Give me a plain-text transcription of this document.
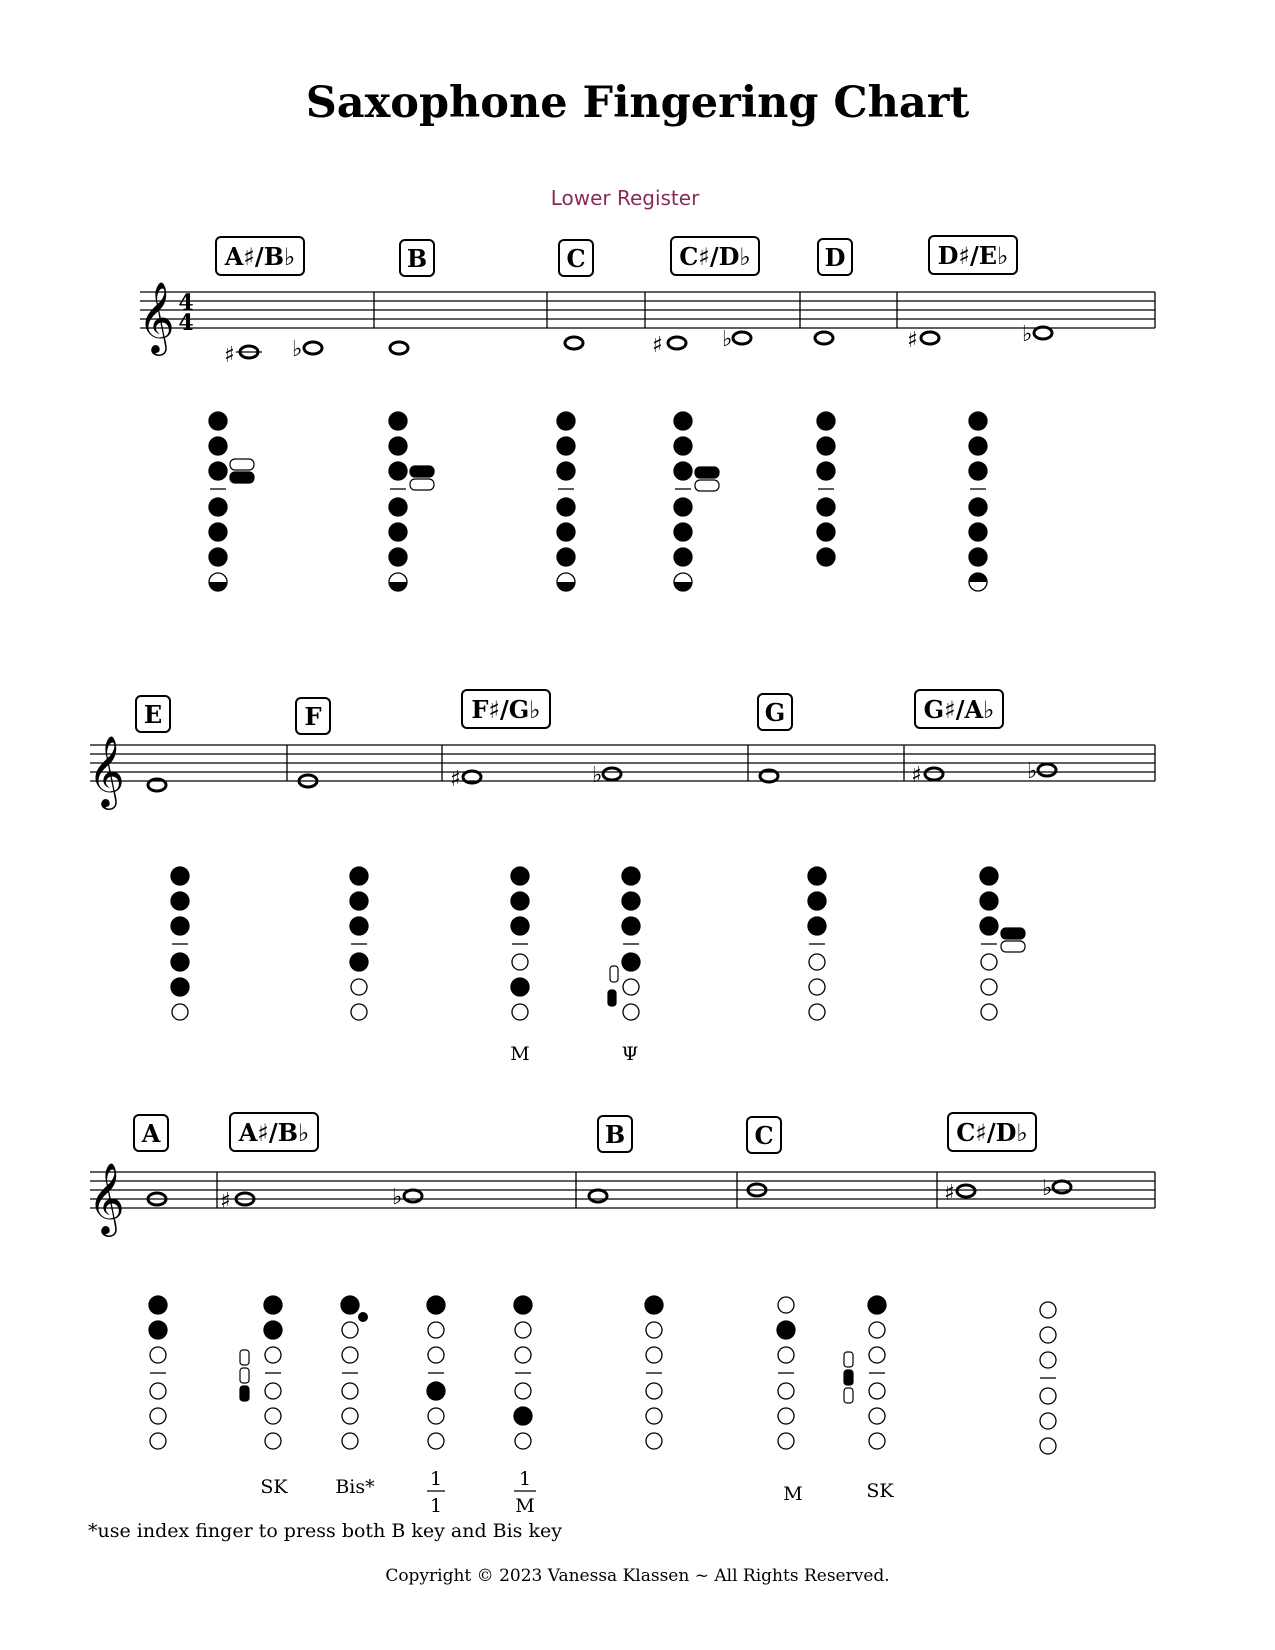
Saxophone Fingering Chart
Lower Register
A♯/B♭	B	C	C♯/D♭	D	D♯/E♭
𝄞 4
4
♯	♭	♯	♭	♯	♭
E	F	F♯/G♭	G	G♯/A♭
𝄞	♯	♭	♯	♭
A	A♯/B♭	B	C	C♯/D♭
𝄞	♯	♭	♯	♭
M	Ψ
SK	Bis*	1
1
1
M
M	SK
*use index finger to press both B key and Bis key
Copyright © 2023 Vanessa Klassen ~ All Rights Reserved.
